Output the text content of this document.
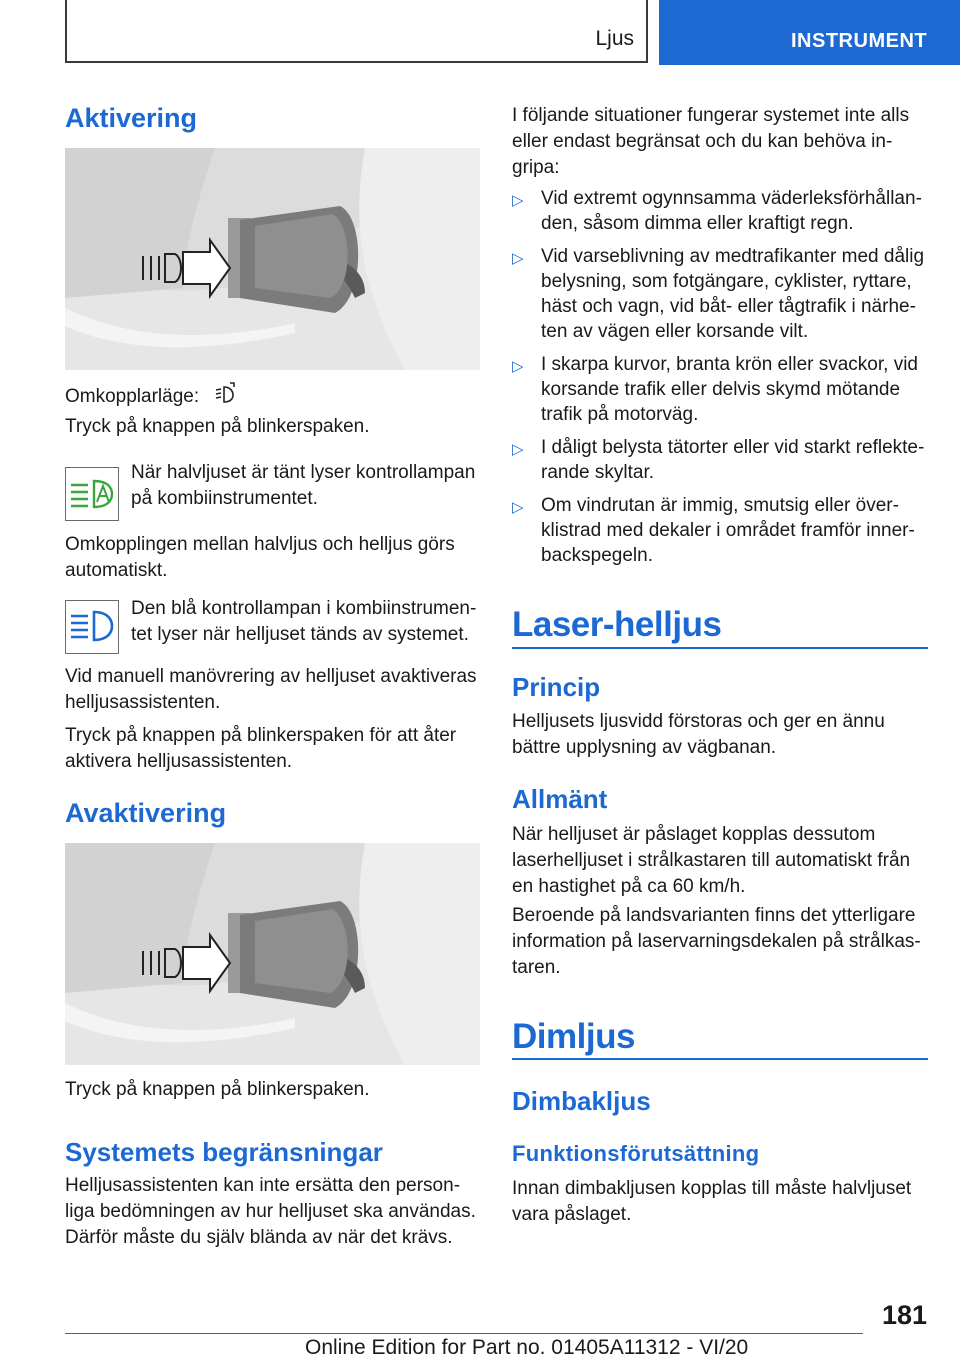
Ljus	INSTRUMENT
Aktivering
Omkopplarläge:
Tryck på knappen på blinkerspaken.
När halvljuset är tänt lyser kontrollampan på kombiinstrumentet.
Omkopplingen mellan halvljus och helljus görs automatiskt.
Den blå kontrollampan i kombiinstrumentet lyser när helljuset tänds av systemet.
Vid manuell manövrering av helljuset avaktiveras helljusassistenten.
Tryck på knappen på blinkerspaken för att åter aktivera helljusassistenten.
Avaktivering
Tryck på knappen på blinkerspaken.
Systemets begränsningar
Helljusassistenten kan inte ersätta den personliga bedömningen av hur helljuset ska användas. Därför måste du själv blända av när det krävs.
I följande situationer fungerar systemet inte alls eller endast begränsat och du kan behöva ingripa:
▷ Vid extremt ogynnsamma väderleksförhållanden, såsom dimma eller kraftigt regn.
▷ Vid varseblivning av medtrafikanter med dålig belysning, som fotgängare, cyklister, ryttare, häst och vagn, vid båt- eller tågtrafik i närheten av vägen eller korsande vilt.
▷ I skarpa kurvor, branta krön eller svackor, vid korsande trafik eller delvis skymd mötande trafik på motorväg.
▷ I dåligt belysta tätorter eller vid starkt reflekterande skyltar.
▷ Om vindrutan är immig, smutsig eller överklistrad med dekaler i området framför innerbackspegeln.
Laser-helljus
Princip
Helljusets ljusvidd förstoras och ger en ännu bättre upplysning av vägbanan.
Allmänt
När helljuset är påslaget kopplas dessutom laserhelljuset i strålkastaren till automatiskt från en hastighet på ca 60 km/h.
Beroende på landsvarianten finns det ytterligare information på laservarningsdekalen på strålkastaren.
Dimljus
Dimbakljus
Funktionsförutsättning
Innan dimbakljusen kopplas till måste halvljuset vara påslaget.
181
Online Edition for Part no. 01405A11312 - VI/20
